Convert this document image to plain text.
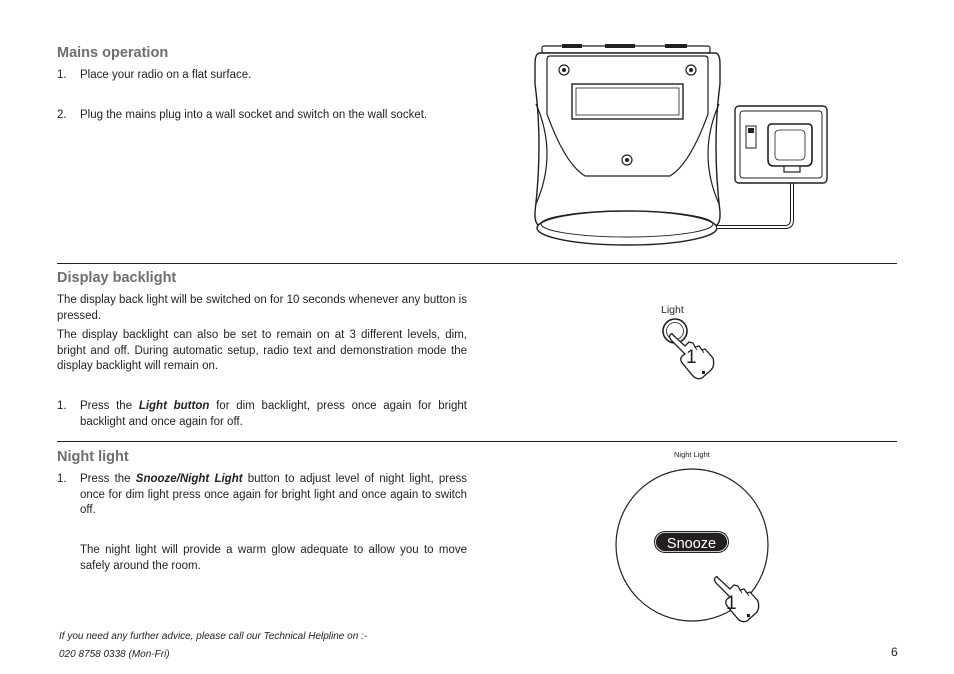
Mains operation
1.	Place your radio on a flat surface.
2.	Plug the mains plug into a wall socket and switch on the wall socket.
Display backlight
The display back light will be switched on for 10 seconds whenever any button is pressed.
The display backlight can also be set to remain on at 3 different levels, dim, bright and off. During automatic setup, radio text and demonstration mode the display backlight will remain on.
1.	Press the Light button for dim backlight, press once again for bright backlight and once again for off.
Light
1
Night light
1.	Press the Snooze/Night Light button to adjust level of night light, press once for dim light press once again for bright light and once again to switch off.
The night light will provide a warm glow adequate to allow you to move safely around the room.
Night Light
Snooze
1
If you need any further advice, please call our Technical Helpline on :-
020 8758 0338 (Mon-Fri)	6
